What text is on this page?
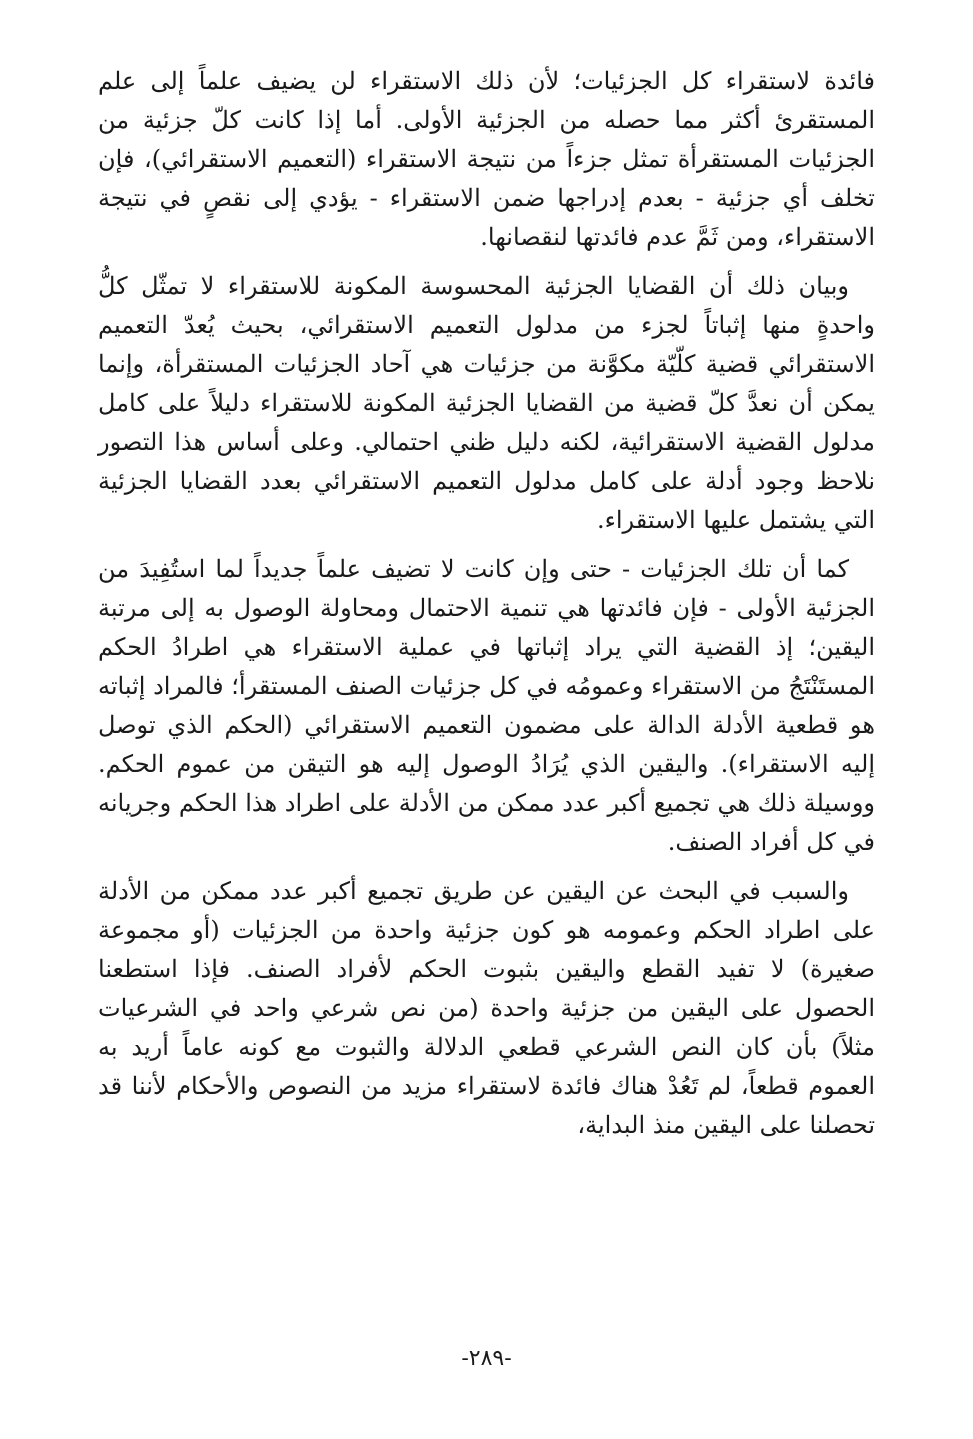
فائدة لاستقراء كل الجزئيات؛ لأن ذلك الاستقراء لن يضيف علماً إلى علم المستقرئ أكثر مما حصله من الجزئية الأولى. أما إذا كانت كلّ جزئية من الجزئيات المستقرأة تمثل جزءاً من نتيجة الاستقراء (التعميم الاستقرائي)، فإن تخلف أي جزئية - بعدم إدراجها ضمن الاستقراء - يؤدي إلى نقصٍ في نتيجة الاستقراء، ومن ثَمَّ عدم فائدتها لنقصانها.

وبيان ذلك أن القضايا الجزئية المحسوسة المكونة للاستقراء لا تمثّل كلُّ واحدةٍ منها إثباتاً لجزء من مدلول التعميم الاستقرائي، بحيث يُعدّ التعميم الاستقرائي قضية كلّيّة مكوَّنة من جزئيات هي آحاد الجزئيات المستقرأة، وإنما يمكن أن نعدَّ كلّ قضية من القضايا الجزئية المكونة للاستقراء دليلاً على كامل مدلول القضية الاستقرائية، لكنه دليل ظني احتمالي. وعلى أساس هذا التصور نلاحظ وجود أدلة على كامل مدلول التعميم الاستقرائي بعدد القضايا الجزئية التي يشتمل عليها الاستقراء.

كما أن تلك الجزئيات - حتى وإن كانت لا تضيف علماً جديداً لما استُفِيدَ من الجزئية الأولى - فإن فائدتها هي تنمية الاحتمال ومحاولة الوصول به إلى مرتبة اليقين؛ إذ القضية التي يراد إثباتها في عملية الاستقراء هي اطرادُ الحكم المستَنْتَجُ من الاستقراء وعمومُه في كل جزئيات الصنف المستقرأ؛ فالمراد إثباته هو قطعية الأدلة الدالة على مضمون التعميم الاستقرائي (الحكم الذي توصل إليه الاستقراء). واليقين الذي يُرَادُ الوصول إليه هو التيقن من عموم الحكم. ووسيلة ذلك هي تجميع أكبر عدد ممكن من الأدلة على اطراد هذا الحكم وجريانه في كل أفراد الصنف.

والسبب في البحث عن اليقين عن طريق تجميع أكبر عدد ممكن من الأدلة على اطراد الحكم وعمومه هو كون جزئية واحدة من الجزئيات (أو مجموعة صغيرة) لا تفيد القطع واليقين بثبوت الحكم لأفراد الصنف. فإذا استطعنا الحصول على اليقين من جزئية واحدة (من نص شرعي واحد في الشرعيات مثلاً) بأن كان النص الشرعي قطعي الدلالة والثبوت مع كونه عاماً أريد به العموم قطعاً، لم تَعُدْ هناك فائدة لاستقراء مزيد من النصوص والأحكام لأننا قد تحصلنا على اليقين منذ البداية،

-٢٨٩-
